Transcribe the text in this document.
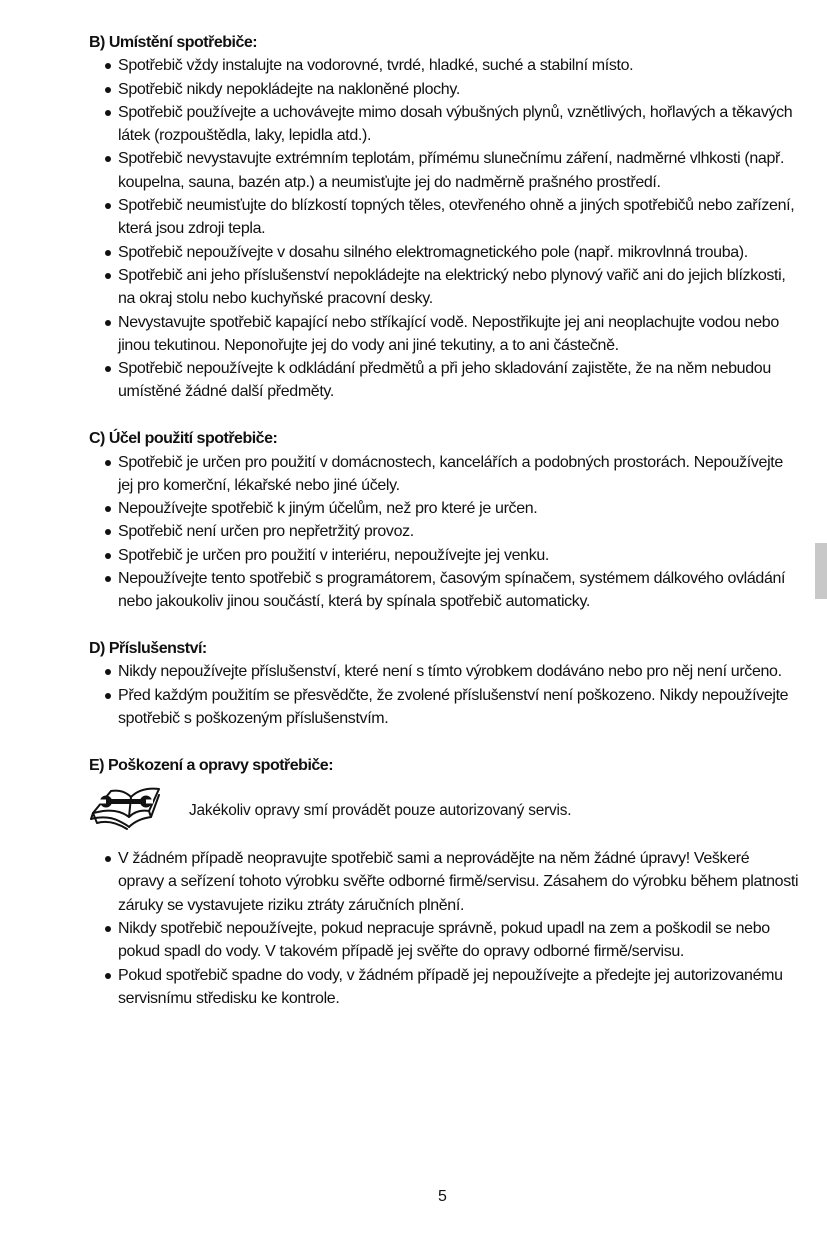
B) Umístění spotřebiče:
Spotřebič vždy instalujte na vodorovné, tvrdé, hladké, suché a stabilní místo.
Spotřebič nikdy nepokládejte na nakloněné plochy.
Spotřebič používejte a uchovávejte mimo dosah výbušných plynů, vznětlivých, hořlavých a těkavých látek (rozpouštědla, laky, lepidla atd.).
Spotřebič nevystavujte extrémním teplotám, přímému slunečnímu záření, nadměrné vlhkosti (např. koupelna, sauna, bazén atp.) a neumisťujte jej do nadměrně prašného prostředí.
Spotřebič neumisťujte do blízkostí topných těles, otevřeného ohně a jiných spotřebičů nebo zařízení, která jsou zdroji tepla.
Spotřebič nepoužívejte v dosahu silného elektromagnetického pole (např. mikrovlnná trouba).
Spotřebič ani jeho příslušenství nepokládejte na elektrický nebo plynový vařič ani do jejich blízkosti, na okraj stolu nebo kuchyňské pracovní desky.
Nevystavujte spotřebič kapající nebo stříkající vodě. Nepostřikujte jej ani neoplachujte vodou nebo jinou tekutinou. Neponořujte jej do vody ani jiné tekutiny, a to ani částečně.
Spotřebič nepoužívejte k odkládání předmětů a při jeho skladování zajistěte, že na něm nebudou umístěné žádné další předměty.
C) Účel použití spotřebiče:
Spotřebič je určen pro použití v domácnostech, kancelářích a podobných prostorách. Nepoužívejte jej pro komerční, lékařské nebo jiné účely.
Nepoužívejte spotřebič k jiným účelům, než pro které je určen.
Spotřebič není určen pro nepřetržitý provoz.
Spotřebič je určen pro použití v interiéru, nepoužívejte jej venku.
Nepoužívejte tento spotřebič s programátorem, časovým spínačem, systémem dálkového ovládání nebo jakoukoliv jinou součástí, která by spínala spotřebič automaticky.
D) Příslušenství:
Nikdy nepoužívejte příslušenství, které není s tímto výrobkem dodáváno nebo pro něj není určeno.
Před každým použitím se přesvědčte, že zvolené příslušenství není poškozeno. Nikdy nepoužívejte spotřebič s poškozeným příslušenstvím.
E) Poškození a opravy spotřebiče:
Jakékoliv opravy smí provádět pouze autorizovaný servis.
V žádném případě neopravujte spotřebič sami a neprovádějte na něm žádné úpravy! Veškeré opravy a seřízení tohoto výrobku svěřte odborné firmě/servisu. Zásahem do výrobku během platnosti záruky se vystavujete riziku ztráty záručních plnění.
Nikdy spotřebič nepoužívejte, pokud nepracuje správně, pokud upadl na zem a poškodil se nebo pokud spadl do vody. V takovém případě jej svěřte do opravy odborné firmě/servisu.
Pokud spotřebič spadne do vody, v žádném případě jej nepoužívejte a předejte jej autorizovanému servisnímu středisku ke kontrole.
5
